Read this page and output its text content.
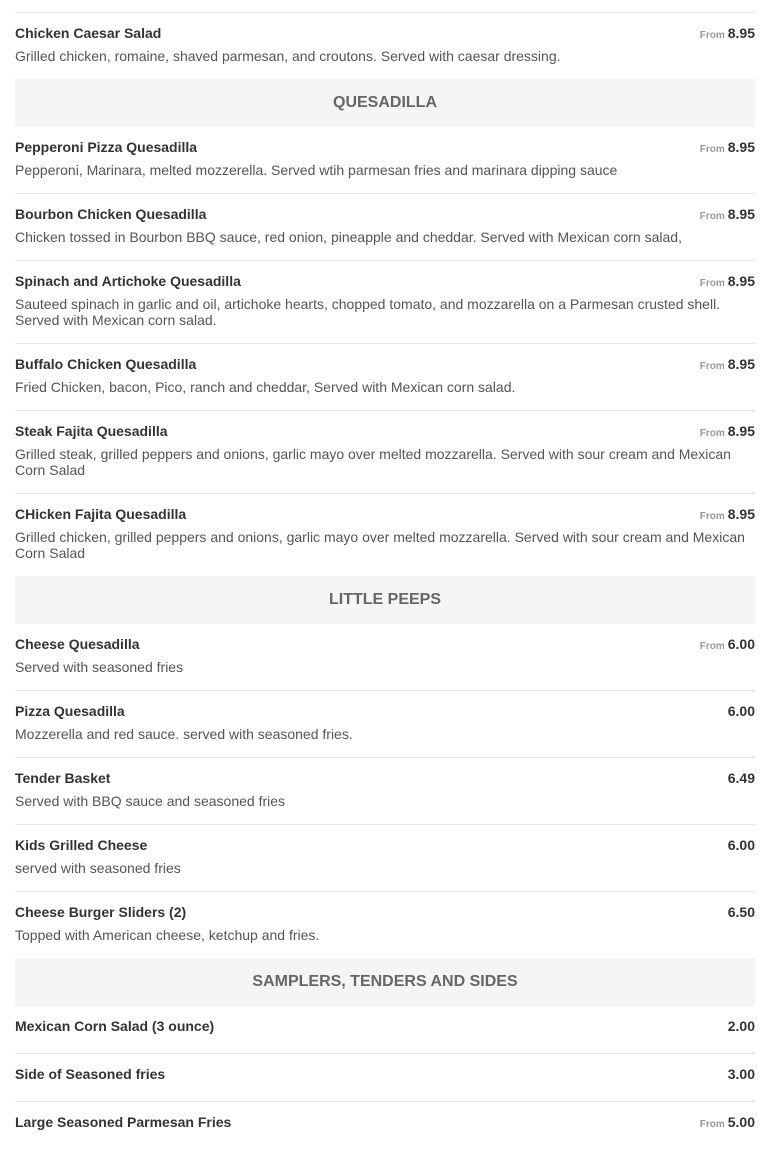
Chicken Caesar Salad	From 8.95
Grilled chicken, romaine, shaved parmesan, and croutons. Served with caesar dressing.
QUESADILLA
Pepperoni Pizza Quesadilla	From 8.95
Pepperoni, Marinara, melted mozzerella. Served wtih parmesan fries and marinara dipping sauce
Bourbon Chicken Quesadilla	From 8.95
Chicken tossed in Bourbon BBQ sauce, red onion, pineapple and cheddar. Served with Mexican corn salad,
Spinach and Artichoke Quesadilla	From 8.95
Sauteed spinach in garlic and oil, artichoke hearts, chopped tomato, and mozzarella on a Parmesan crusted shell. Served with Mexican corn salad.
Buffalo Chicken Quesadilla	From 8.95
Fried Chicken, bacon, Pico, ranch and cheddar, Served with Mexican corn salad.
Steak Fajita Quesadilla	From 8.95
Grilled steak, grilled peppers and onions, garlic mayo over melted mozzarella. Served with sour cream and Mexican Corn Salad
CHicken Fajita Quesadilla	From 8.95
Grilled chicken, grilled peppers and onions, garlic mayo over melted mozzarella. Served with sour cream and Mexican Corn Salad
LITTLE PEEPS
Cheese Quesadilla	From 6.00
Served with seasoned fries
Pizza Quesadilla	6.00
Mozzerella and red sauce. served with seasoned fries.
Tender Basket	6.49
Served with BBQ sauce and seasoned fries
Kids Grilled Cheese	6.00
served with seasoned fries
Cheese Burger Sliders (2)	6.50
Topped with American cheese, ketchup and fries.
SAMPLERS, TENDERS AND SIDES
Mexican Corn Salad (3 ounce)	2.00
Side of Seasoned fries	3.00
Large Seasoned Parmesan Fries	From 5.00
